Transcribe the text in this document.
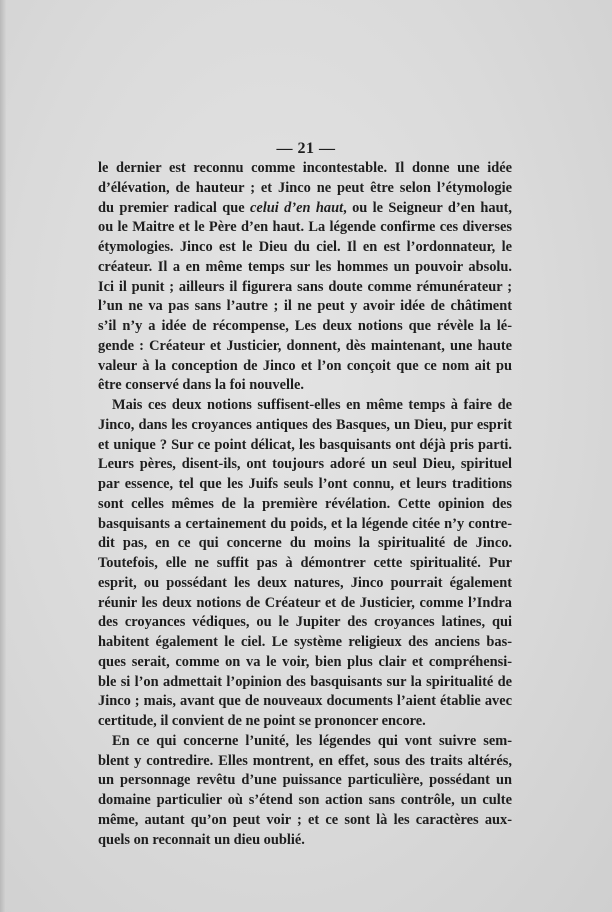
— 21 —
le dernier est reconnu comme incontestable. Il donne une idée
d’élévation, de hauteur ; et Jinco ne peut être selon l’étymologie
du premier radical que celui d’en haut, ou le Seigneur d’en haut,
ou le Maitre et le Père d’en haut. La légende confirme ces diverses
étymologies. Jinco est le Dieu du ciel. Il en est l’ordonnateur, le
créateur. Il a en même temps sur les hommes un pouvoir absolu.
Ici il punit ; ailleurs il figurera sans doute comme rémunérateur ;
l’un ne va pas sans l’autre ; il ne peut y avoir idée de châtiment
s’il n’y a idée de récompense, Les deux notions que révèle la lé-
gende : Créateur et Justicier, donnent, dès maintenant, une haute
valeur à la conception de Jinco et l’on conçoit que ce nom ait pu
être conservé dans la foi nouvelle.
Mais ces deux notions suffisent-elles en même temps à faire de
Jinco, dans les croyances antiques des Basques, un Dieu, pur esprit
et unique ? Sur ce point délicat, les basquisants ont déjà pris parti.
Leurs pères, disent-ils, ont toujours adoré un seul Dieu, spirituel
par essence, tel que les Juifs seuls l’ont connu, et leurs traditions
sont celles mêmes de la première révélation. Cette opinion des
basquisants a certainement du poids, et la légende citée n’y contre-
dit pas, en ce qui concerne du moins la spiritualité de Jinco.
Toutefois, elle ne suffit pas à démontrer cette spiritualité. Pur
esprit, ou possédant les deux natures, Jinco pourrait également
réunir les deux notions de Créateur et de Justicier, comme l’Indra
des croyances védiques, ou le Jupiter des croyances latines, qui
habitent également le ciel. Le système religieux des anciens bas-
ques serait, comme on va le voir, bien plus clair et compréhensi-
ble si l’on admettait l’opinion des basquisants sur la spiritualité de
Jinco ; mais, avant que de nouveaux documents l’aient établie avec
certitude, il convient de ne point se prononcer encore.
En ce qui concerne l’unité, les légendes qui vont suivre sem-
blent y contredire. Elles montrent, en effet, sous des traits altérés,
un personnage revêtu d’une puissance particulière, possédant un
domaine particulier où s’étend son action sans contrôle, un culte
même, autant qu’on peut voir ; et ce sont là les caractères aux-
quels on reconnait un dieu oublié.
